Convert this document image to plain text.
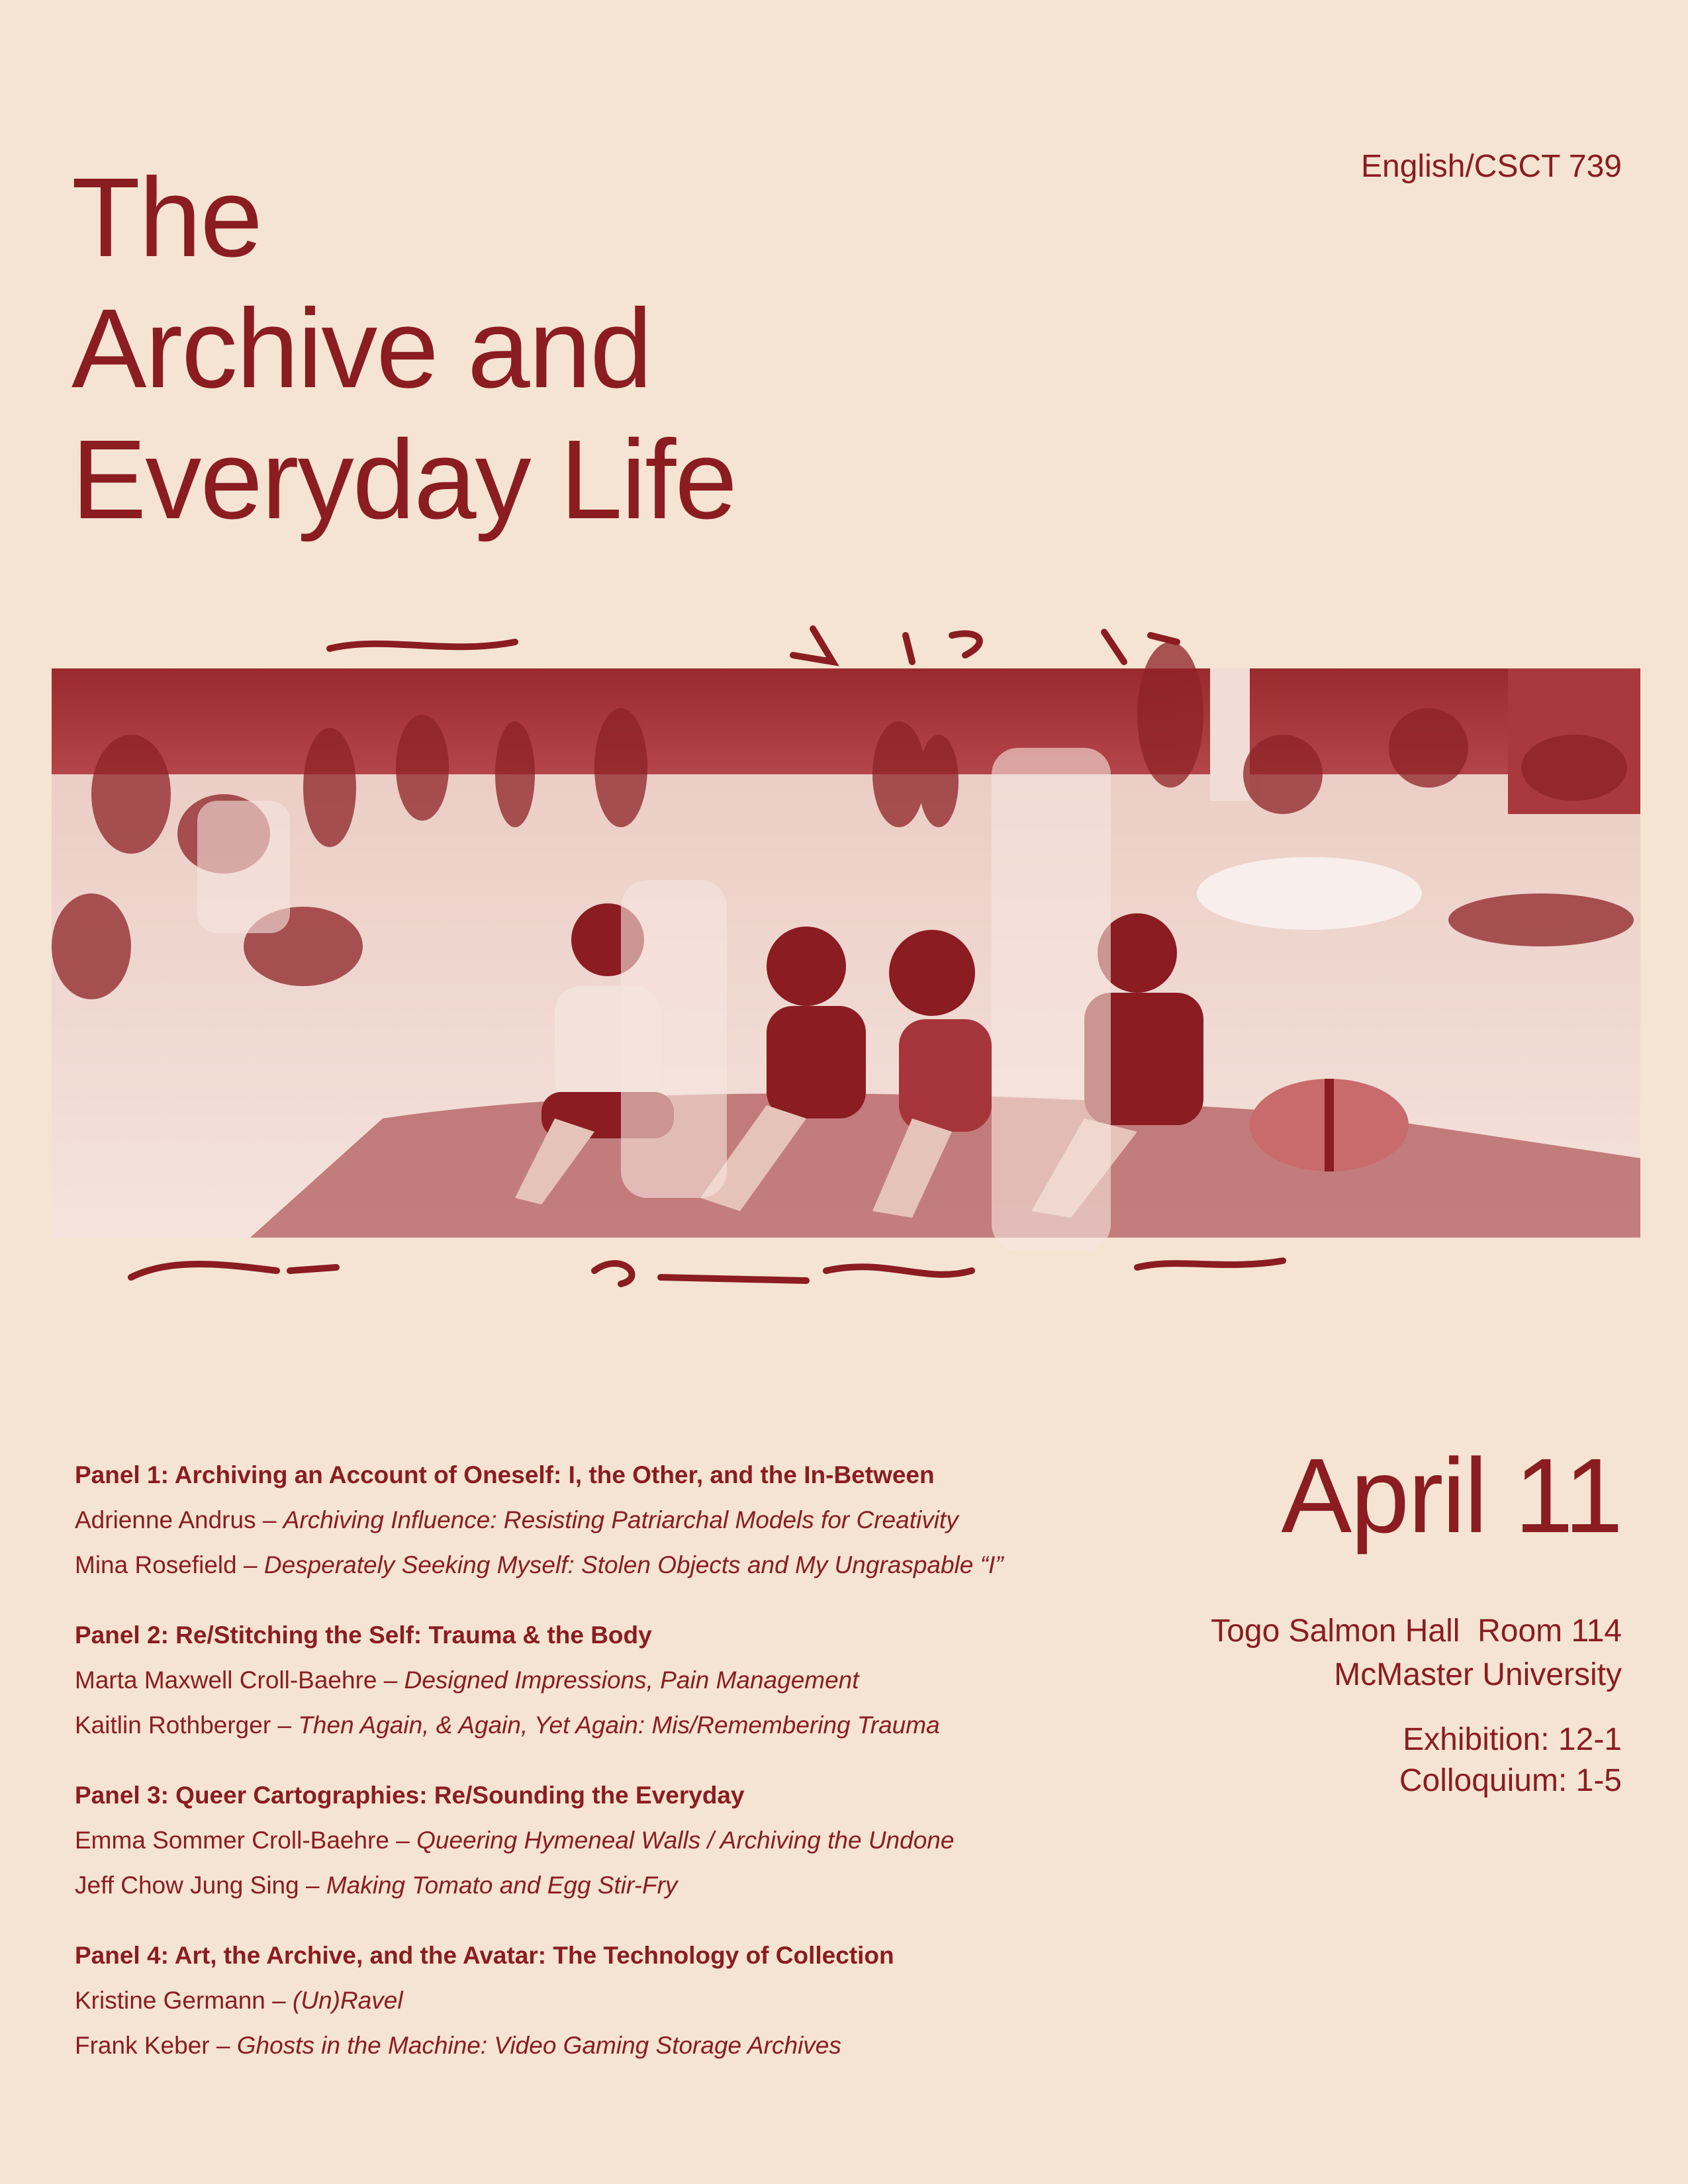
English/CSCT 739
The
Archive and
Everyday Life
Panel 1: Archiving an Account of Oneself: I, the Other, and the In-Between
Adrienne Andrus – Archiving Influence: Resisting Patriarchal Models for Creativity
Mina Rosefield – Desperately Seeking Myself: Stolen Objects and My Ungraspable “I”
Panel 2: Re/Stitching the Self: Trauma & the Body
Marta Maxwell Croll-Baehre – Designed Impressions, Pain Management
Kaitlin Rothberger – Then Again, & Again, Yet Again: Mis/Remembering Trauma
Panel 3: Queer Cartographies: Re/Sounding the Everyday
Emma Sommer Croll-Baehre – Queering Hymeneal Walls / Archiving the Undone
Jeff Chow Jung Sing – Making Tomato and Egg Stir-Fry
Panel 4: Art, the Archive, and the Avatar: The Technology of Collection
Kristine Germann – (Un)Ravel
Frank Keber – Ghosts in the Machine: Video Gaming Storage Archives
April 11
Togo Salmon Hall  Room 114
McMaster University
Exhibition: 12-1
Colloquium: 1-5
